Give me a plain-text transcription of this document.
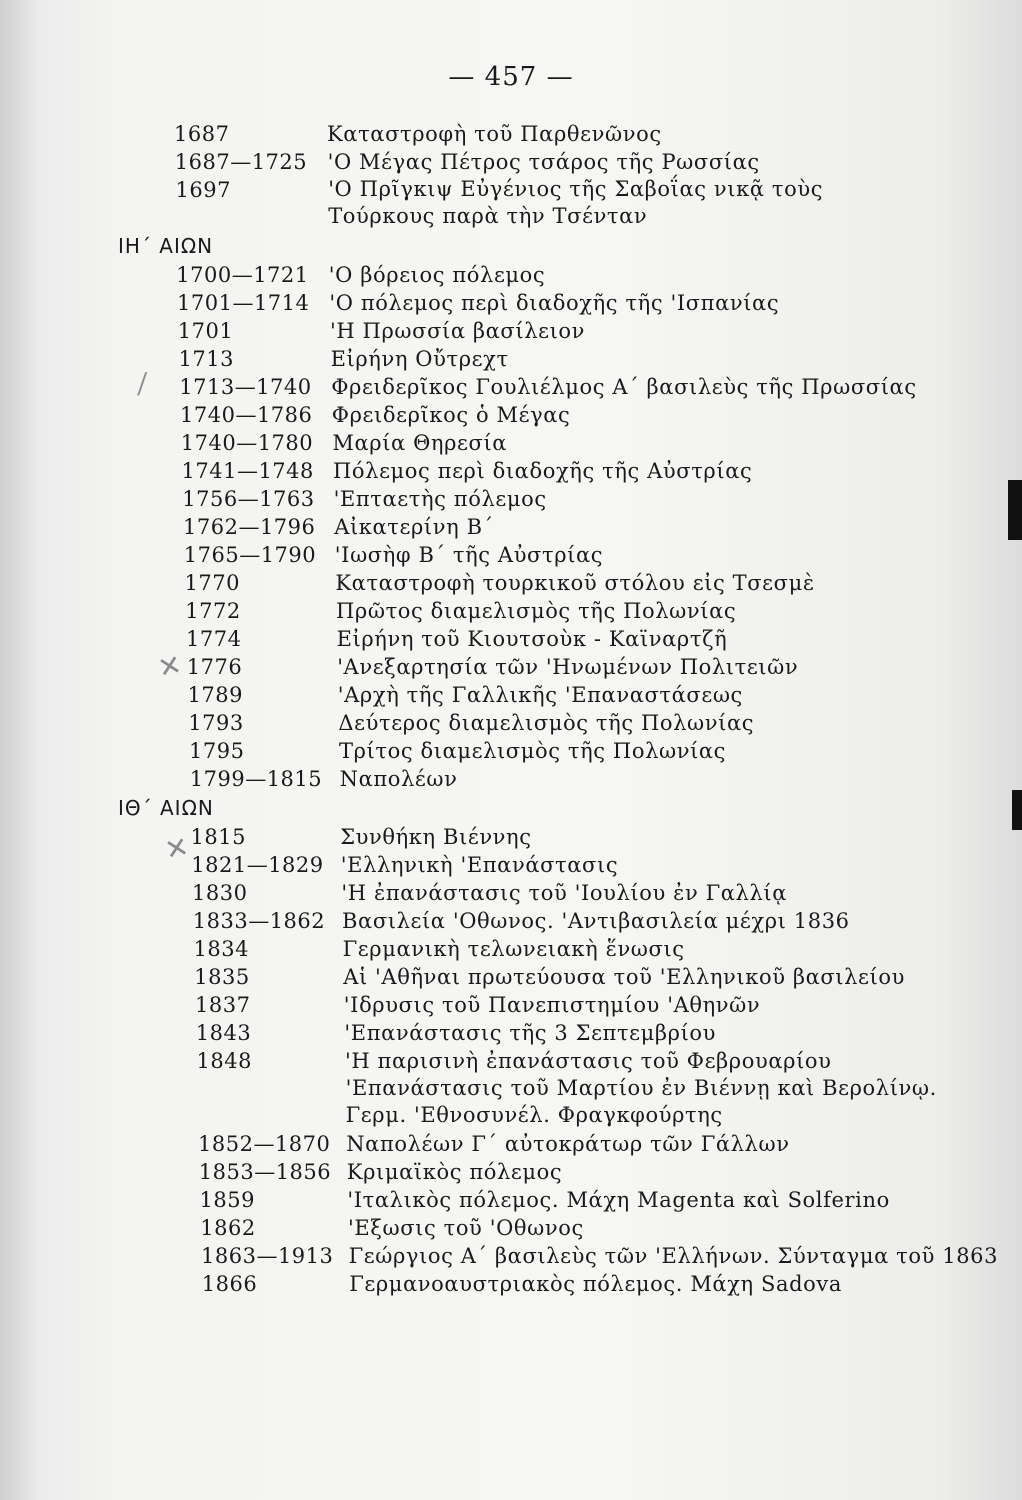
— 457 —
1687	Καταστροφὴ τοῦ Παρθενῶνος
1687—1725 'Ο Μέγας Πέτρος τσάρος τῆς Ρωσσίας
1697	'Ο Πρῖγκιψ Εὐγένιος τῆς Σαβοΐας νικᾷ τοὺς Τούρκους παρὰ τὴν Τσένταν
ΙΗ΄ ΑΙΩΝ
1700—1721 'Ο βόρειος πόλεμος
1701—1714 'Ο πόλεμος περὶ διαδοχῆς τῆς 'Ισπανίας
1701	'Η Πρωσσία βασίλειον
1713	Εἰρήνη Οὔτρεχτ
1713—1740 Φρειδερῖκος Γουλιέλμος Α΄ βασιλεὺς τῆς Πρωσσίας
1740—1786 Φρειδερῖκος ὁ Μέγας
1740—1780 Μαρία Θηρεσία
1741—1748 Πόλεμος περὶ διαδοχῆς τῆς Αὐστρίας
1756—1763 'Επταετὴς πόλεμος
1762—1796 Αἰκατερίνη Β΄
1765—1790 'Ιωσὴφ Β΄ τῆς Αὐστρίας
1770	Καταστροφὴ τουρκικοῦ στόλου εἰς Τσεσμὲ
1772	Πρῶτος διαμελισμὸς τῆς Πολωνίας
1774	Εἰρήνη τοῦ Κιουτσοὺκ - Καϊναρτζῆ
1776	'Ανεξαρτησία τῶν 'Ηνωμένων Πολιτειῶν
1789	'Αρχὴ τῆς Γαλλικῆς 'Επαναστάσεως
1793	Δεύτερος διαμελισμὸς τῆς Πολωνίας
1795	Τρίτος διαμελισμὸς τῆς Πολωνίας
1799—1815 Ναπολέων
ΙΘ΄ ΑΙΩΝ
1815	Συνθήκη Βιέννης
1821—1829 'Ελληνικὴ 'Επανάστασις
1830	'Η ἐπανάστασις τοῦ 'Ιουλίου ἐν Γαλλίᾳ
1833—1862 Βασιλεία 'Οθωνος. 'Αντιβασιλεία μέχρι 1836
1834	Γερμανικὴ τελωνειακὴ ἕνωσις
1835	Αἱ 'Αθῆναι πρωτεύουσα τοῦ 'Ελληνικοῦ βασιλείου
1837	'Ιδρυσις τοῦ Πανεπιστημίου 'Αθηνῶν
1843	'Επανάστασις τῆς 3 Σεπτεμβρίου
1848	'Η παρισινὴ ἐπανάστασις τοῦ Φεβρουαρίου
'Επανάστασις τοῦ Μαρτίου ἐν Βιέννῃ καὶ Βερολίνῳ. Γερμ. 'Εθνοσυνέλ. Φραγκφούρτης
1852—1870 Ναπολέων Γ΄ αὐτοκράτωρ τῶν Γάλλων
1853—1856 Κριμαϊκὸς πόλεμος
1859	'Ιταλικὸς πόλεμος. Μάχη Magenta καὶ Solferino
1862	'Εξωσις τοῦ 'Οθωνος
1863—1913 Γεώργιος Α΄ βασιλεὺς τῶν 'Ελλήνων. Σύνταγμα τοῦ 1863
1866	Γερμανοαυστριακὸς πόλεμος. Μάχη Sadova
⁄
✕
✕
